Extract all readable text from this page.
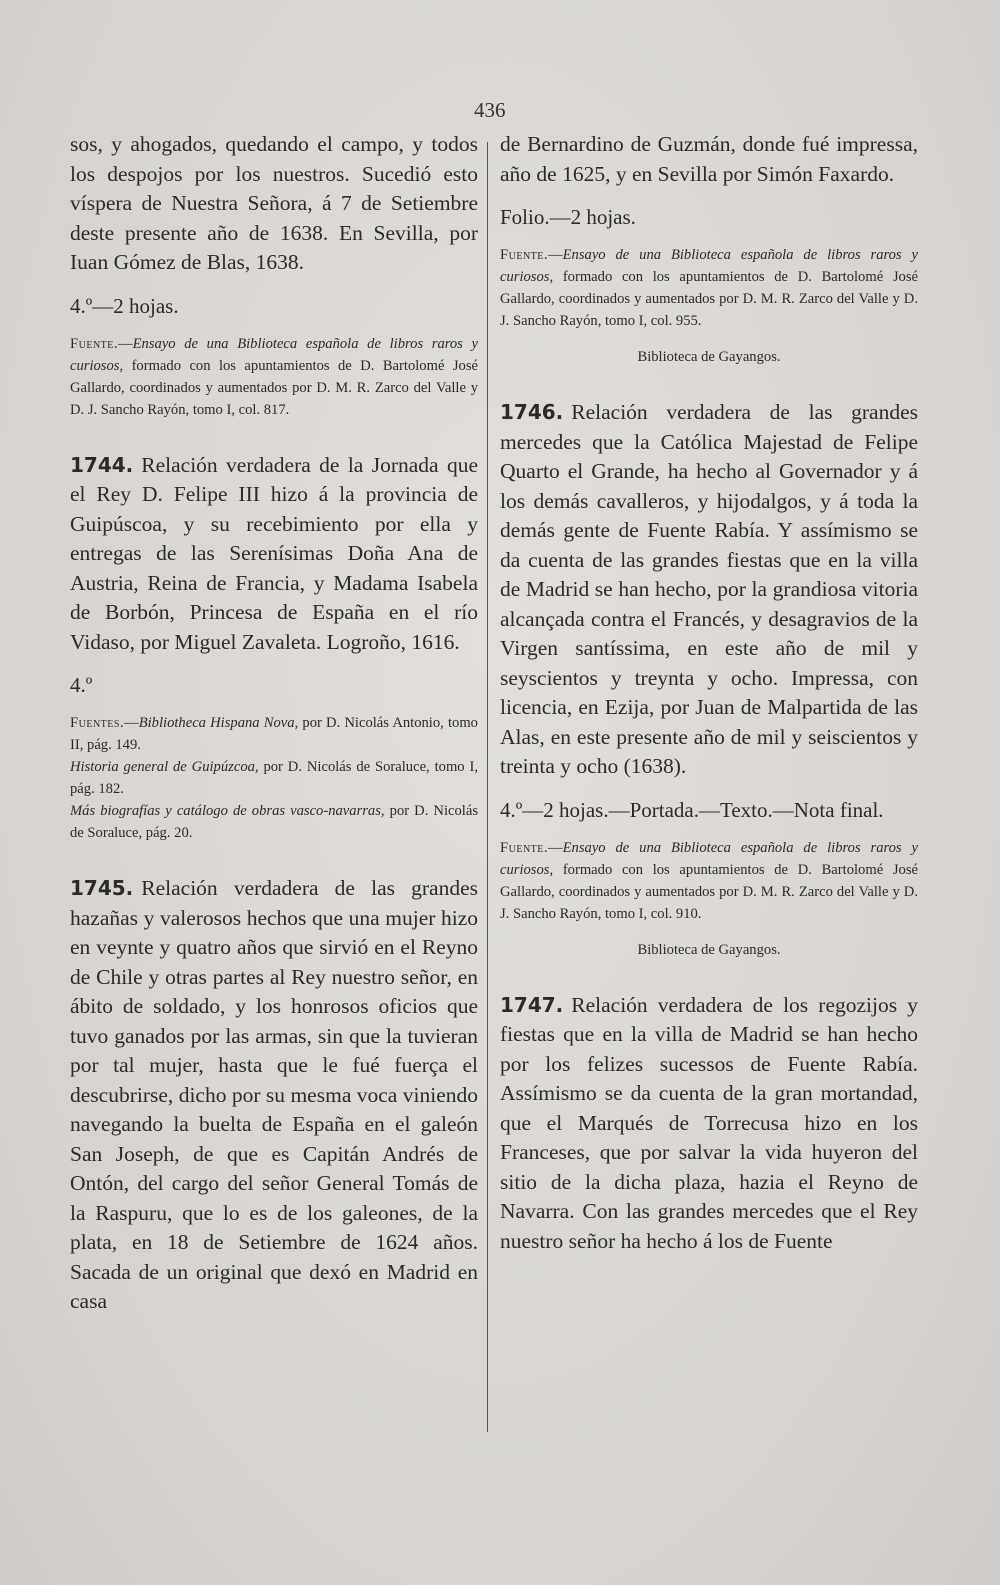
436

sos, y ahogados, quedando el campo, y todos los despojos por los nuestros. Sucedió esto víspera de Nuestra Señora, á 7 de Setiembre deste presente año de 1638. En Sevilla, por Iuan Gómez de Blas, 1638.

4.º—2 hojas.

Fuente.—Ensayo de una Biblioteca española de libros raros y curiosos, formado con los apuntamientos de D. Bartolomé José Gallardo, coordinados y aumentados por D. M. R. Zarco del Valle y D. J. Sancho Rayón, tomo I, col. 817.

1744. Relación verdadera de la Jornada que el Rey D. Felipe III hizo á la provincia de Guipúscoa, y su recebimiento por ella y entregas de las Serenísimas Doña Ana de Austria, Reina de Francia, y Madama Isabela de Borbón, Princesa de España en el río Vidaso, por Miguel Zavaleta. Logroño, 1616.

4.º

Fuentes.—Bibliotheca Hispana Nova, por D. Nicolás Antonio, tomo II, pág. 149.

Historia general de Guipúzcoa, por D. Nicolás de Soraluce, tomo I, pág. 182.

Más biografías y catálogo de obras vasco-navarras, por D. Nicolás de Soraluce, pág. 20.

1745. Relación verdadera de las grandes hazañas y valerosos hechos que una mujer hizo en veynte y quatro años que sirvió en el Reyno de Chile y otras partes al Rey nuestro señor, en ábito de soldado, y los honrosos oficios que tuvo ganados por las armas, sin que la tuvieran por tal mujer, hasta que le fué fuerça el descubrirse, dicho por su mesma voca viniendo navegando la buelta de España en el galeón San Joseph, de que es Capitán Andrés de Ontón, del cargo del señor General Tomás de la Raspuru, que lo es de los galeones, de la plata, en 18 de Setiembre de 1624 años. Sacada de un original que dexó en Madrid en casa

de Bernardino de Guzmán, donde fué impressa, año de 1625, y en Sevilla por Simón Faxardo.

Folio.—2 hojas.

Fuente.—Ensayo de una Biblioteca española de libros raros y curiosos, formado con los apuntamientos de D. Bartolomé José Gallardo, coordinados y aumentados por D. M. R. Zarco del Valle y D. J. Sancho Rayón, tomo I, col. 955.

Biblioteca de Gayangos.

1746. Relación verdadera de las grandes mercedes que la Católica Majestad de Felipe Quarto el Grande, ha hecho al Governador y á los demás cavalleros, y hijodalgos, y á toda la demás gente de Fuente Rabía. Y assímismo se da cuenta de las grandes fiestas que en la villa de Madrid se han hecho, por la grandiosa vitoria alcançada contra el Francés, y desagravios de la Virgen santíssima, en este año de mil y seyscientos y treynta y ocho. Impressa, con licencia, en Ezija, por Juan de Malpartida de las Alas, en este presente año de mil y seiscientos y treinta y ocho (1638).

4.º—2 hojas.—Portada.—Texto.—Nota final.

Fuente.—Ensayo de una Biblioteca española de libros raros y curiosos, formado con los apuntamientos de D. Bartolomé José Gallardo, coordinados y aumentados por D. M. R. Zarco del Valle y D. J. Sancho Rayón, tomo I, col. 910.

Biblioteca de Gayangos.

1747. Relación verdadera de los regozijos y fiestas que en la villa de Madrid se han hecho por los felizes sucessos de Fuente Rabía. Assímismo se da cuenta de la gran mortandad, que el Marqués de Torrecusa hizo en los Franceses, que por salvar la vida huyeron del sitio de la dicha plaza, hazia el Reyno de Navarra. Con las grandes mercedes que el Rey nuestro señor ha hecho á los de Fuente
